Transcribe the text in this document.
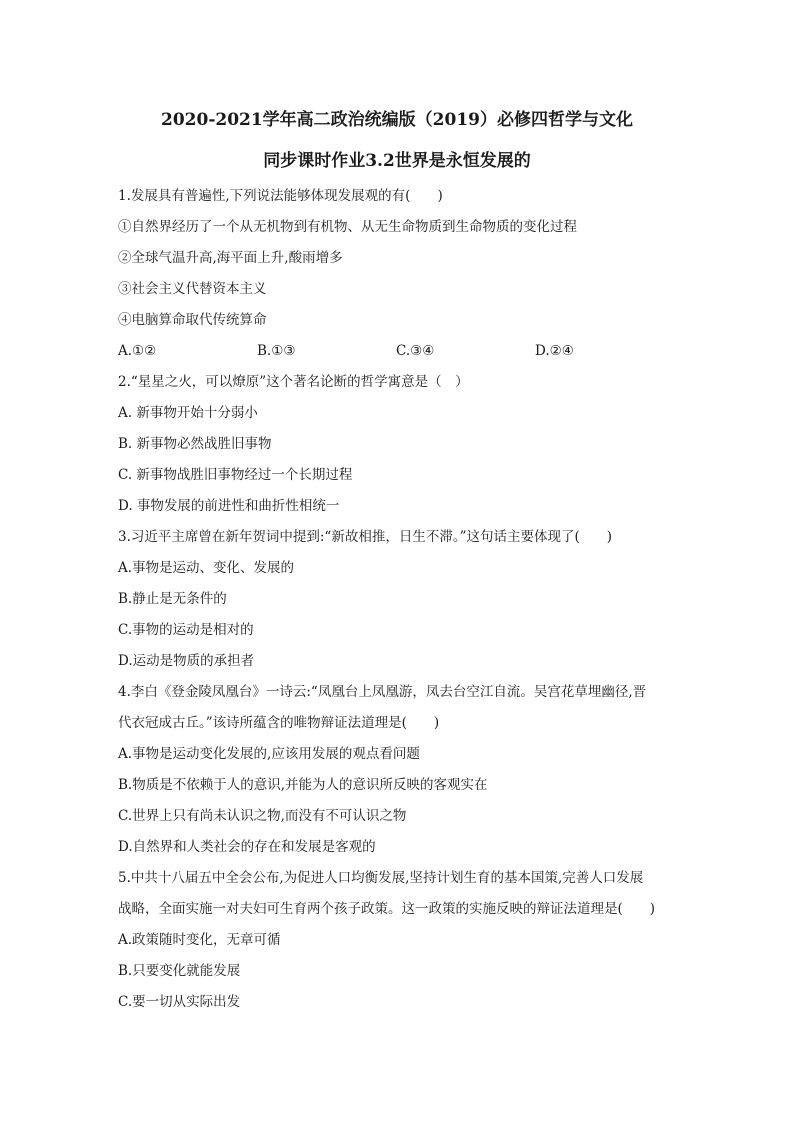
2020-2021学年高二政治统编版（2019）必修四哲学与文化
同步课时作业3.2世界是永恒发展的
1.发展具有普遍性,下列说法能够体现发展观的有(　　)
①自然界经历了一个从无机物到有机物、从无生命物质到生命物质的变化过程
②全球气温升高,海平面上升,酸雨增多
③社会主义代替资本主义
④电脑算命取代传统算命
A.①②	B.①③	C.③④	D.②④
2.“星星之火，可以燎原”这个著名论断的哲学寓意是（　）
A. 新事物开始十分弱小
B. 新事物必然战胜旧事物
C. 新事物战胜旧事物经过一个长期过程
D. 事物发展的前进性和曲折性相统一
3.习近平主席曾在新年贺词中提到:“新故相推，日生不滞。”这句话主要体现了(　　)
A.事物是运动、变化、发展的
B.静止是无条件的
C.事物的运动是相对的
D.运动是物质的承担者
4.李白《登金陵凤凰台》一诗云:“凤凰台上凤凰游，凤去台空江自流。吴宫花草埋幽径,晋
代衣冠成古丘。”该诗所蕴含的唯物辩证法道理是(　　)
A.事物是运动变化发展的,应该用发展的观点看问题
B.物质是不依赖于人的意识,并能为人的意识所反映的客观实在
C.世界上只有尚未认识之物,而没有不可认识之物
D.自然界和人类社会的存在和发展是客观的
5.中共十八届五中全会公布,为促进人口均衡发展,坚持计划生育的基本国策,完善人口发展
战略，全面实施一对夫妇可生育两个孩子政策。这一政策的实施反映的辩证法道理是(　　)
A.政策随时变化，无章可循
B.只要变化就能发展
C.要一切从实际出发
